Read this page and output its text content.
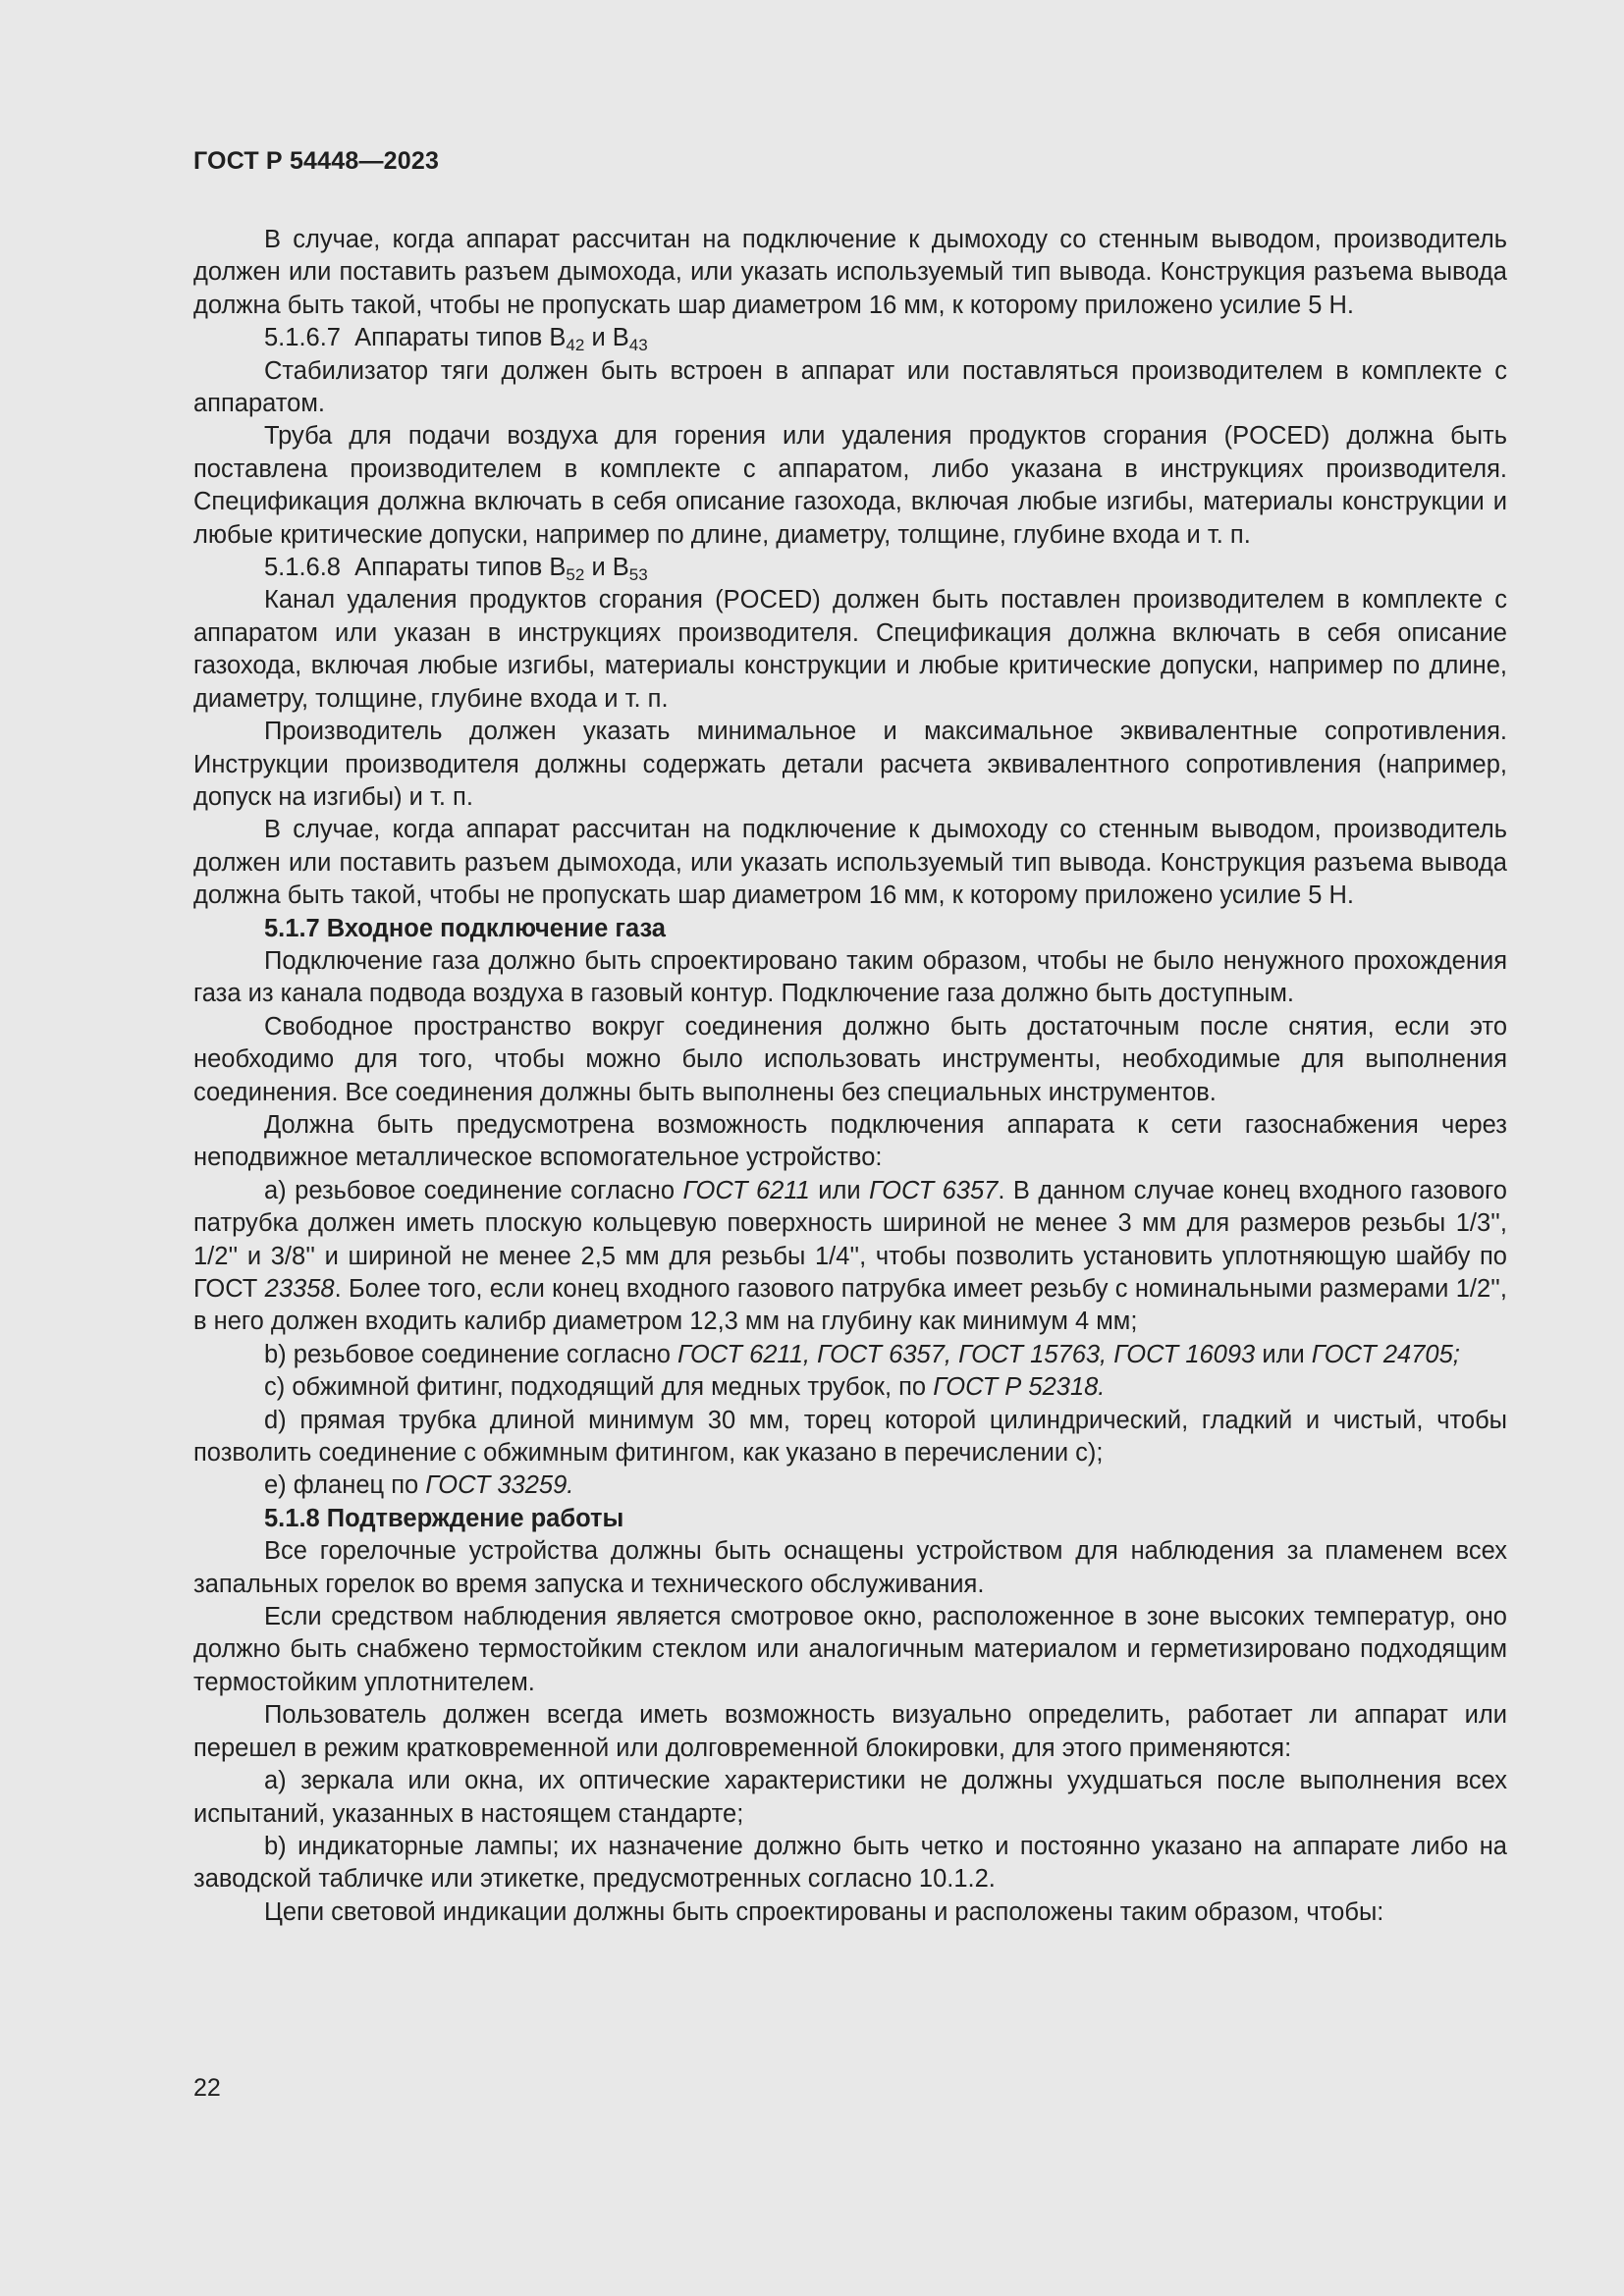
ГОСТ Р 54448—2023

В случае, когда аппарат рассчитан на подключение к дымоходу со стенным выводом, производитель должен или поставить разъем дымохода, или указать используемый тип вывода. Конструкция разъема вывода должна быть такой, чтобы не пропускать шар диаметром 16 мм, к которому приложено усилие 5 Н.

5.1.6.7 Аппараты типов $В_{42}$ и $В_{43}$

Стабилизатор тяги должен быть встроен в аппарат или поставляться производителем в комплекте с аппаратом.

Труба для подачи воздуха для горения или удаления продуктов сгорания (POCED) должна быть поставлена производителем в комплекте с аппаратом, либо указана в инструкциях производителя. Спецификация должна включать в себя описание газохода, включая любые изгибы, материалы конструкции и любые критические допуски, например по длине, диаметру, толщине, глубине входа и т. п.

5.1.6.8 Аппараты типов $В_{52}$ и $В_{53}$

Канал удаления продуктов сгорания (POCED) должен быть поставлен производителем в комплекте с аппаратом или указан в инструкциях производителя. Спецификация должна включать в себя описание газохода, включая любые изгибы, материалы конструкции и любые критические допуски, например по длине, диаметру, толщине, глубине входа и т. п.

Производитель должен указать минимальное и максимальное эквивалентные сопротивления. Инструкции производителя должны содержать детали расчета эквивалентного сопротивления (например, допуск на изгибы) и т. п.

В случае, когда аппарат рассчитан на подключение к дымоходу со стенным выводом, производитель должен или поставить разъем дымохода, или указать используемый тип вывода. Конструкция разъема вывода должна быть такой, чтобы не пропускать шар диаметром 16 мм, к которому приложено усилие 5 Н.

5.1.7 Входное подключение газа

Подключение газа должно быть спроектировано таким образом, чтобы не было ненужного прохождения газа из канала подвода воздуха в газовый контур. Подключение газа должно быть доступным.

Свободное пространство вокруг соединения должно быть достаточным после снятия, если это необходимо для того, чтобы можно было использовать инструменты, необходимые для выполнения соединения. Все соединения должны быть выполнены без специальных инструментов.

Должна быть предусмотрена возможность подключения аппарата к сети газоснабжения через неподвижное металлическое вспомогательное устройство:

a) резьбовое соединение согласно ГОСТ 6211 или ГОСТ 6357. В данном случае конец входного газового патрубка должен иметь плоскую кольцевую поверхность шириной не менее 3 мм для размеров резьбы 1/3'', 1/2'' и 3/8'' и шириной не менее 2,5 мм для резьбы 1/4'', чтобы позволить установить уплотняющую шайбу по ГОСТ 23358. Более того, если конец входного газового патрубка имеет резьбу с номинальными размерами 1/2'', в него должен входить калибр диаметром 12,3 мм на глубину как минимум 4 мм;

b) резьбовое соединение согласно ГОСТ 6211, ГОСТ 6357, ГОСТ 15763, ГОСТ 16093 или ГОСТ 24705;

c) обжимной фитинг, подходящий для медных трубок, по ГОСТ Р 52318.

d) прямая трубка длиной минимум 30 мм, торец которой цилиндрический, гладкий и чистый, чтобы позволить соединение с обжимным фитингом, как указано в перечислении с);

e) фланец по ГОСТ 33259.

5.1.8 Подтверждение работы

Все горелочные устройства должны быть оснащены устройством для наблюдения за пламенем всех запальных горелок во время запуска и технического обслуживания.

Если средством наблюдения является смотровое окно, расположенное в зоне высоких температур, оно должно быть снабжено термостойким стеклом или аналогичным материалом и герметизировано подходящим термостойким уплотнителем.

Пользователь должен всегда иметь возможность визуально определить, работает ли аппарат или перешел в режим кратковременной или долговременной блокировки, для этого применяются:

a) зеркала или окна, их оптические характеристики не должны ухудшаться после выполнения всех испытаний, указанных в настоящем стандарте;

b) индикаторные лампы; их назначение должно быть четко и постоянно указано на аппарате либо на заводской табличке или этикетке, предусмотренных согласно 10.1.2.

Цепи световой индикации должны быть спроектированы и расположены таким образом, чтобы:

22
